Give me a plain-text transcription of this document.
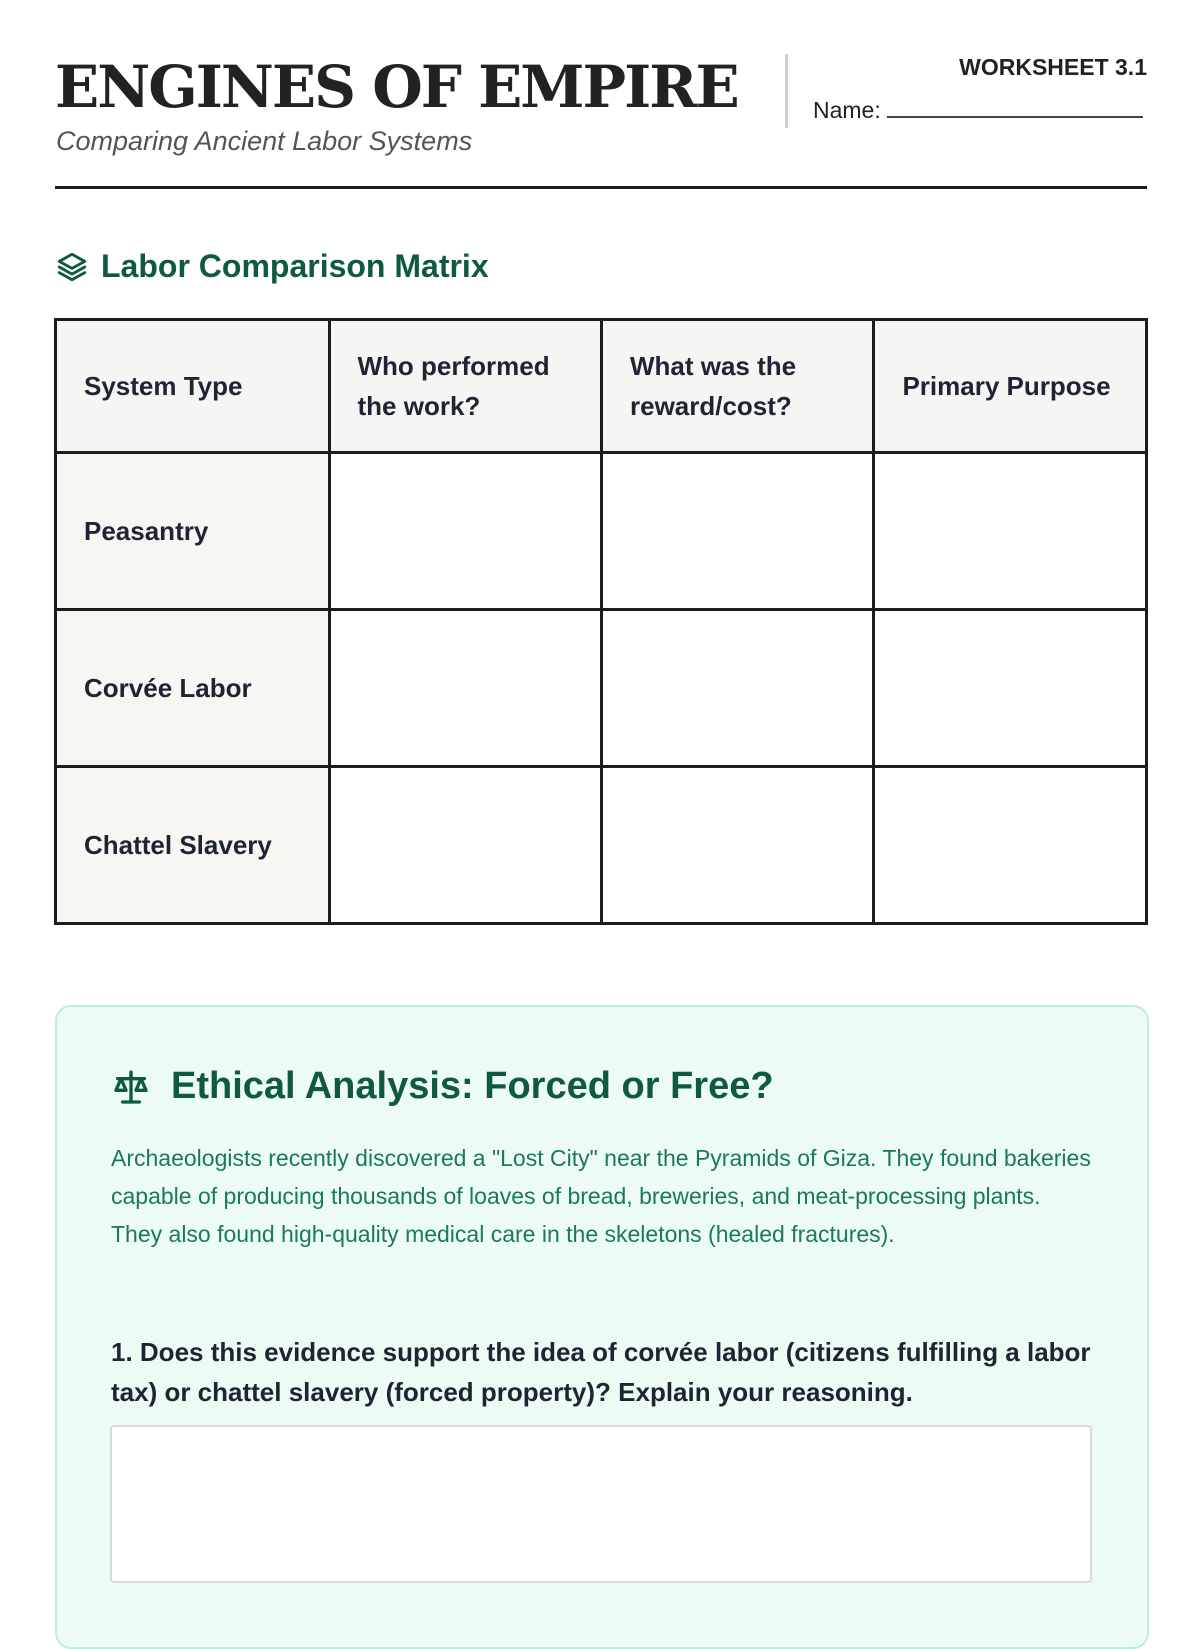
ENGINES OF EMPIRE
Comparing Ancient Labor Systems
WORKSHEET 3.1
Name:
Labor Comparison Matrix
System Type	Who performed the work?	What was the reward/cost?	Primary Purpose
Peasantry			
Corvée Labor			
Chattel Slavery			
Ethical Analysis: Forced or Free?
Archaeologists recently discovered a "Lost City" near the Pyramids of Giza. They found bakeries capable of producing thousands of loaves of bread, breweries, and meat-processing plants. They also found high-quality medical care in the skeletons (healed fractures).
1. Does this evidence support the idea of corvée labor (citizens fulfilling a labor tax) or chattel slavery (forced property)? Explain your reasoning.
